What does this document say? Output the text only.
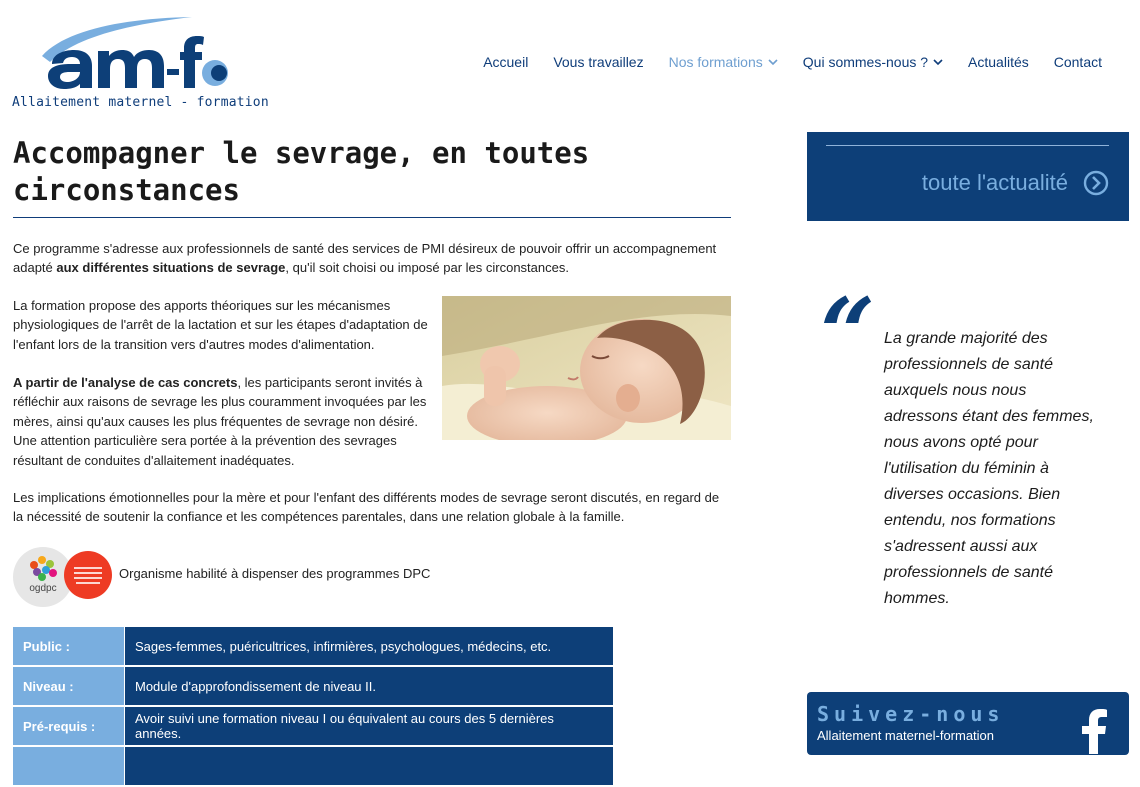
Allaitement maternel - formation
Accueil Vous travaillez Nos formations	Qui sommes-nous ?	Actualités Contact
Accompagner le sevrage, en toutes circonstances

Ce programme s'adresse aux professionnels de santé des services de PMI désireux de pouvoir offrir un accompagnement adapté aux différentes situations de sevrage, qu'il soit choisi ou imposé par les circonstances.

La formation propose des apports théoriques sur les mécanismes physiologiques de l'arrêt de la lactation et sur les étapes d'adaptation de l'enfant lors de la transition vers d'autres modes d'alimentation.

A partir de l'analyse de cas concrets, les participants seront invités à réfléchir aux raisons de sevrage les plus couramment invoquées par les mères, ainsi qu'aux causes les plus fréquentes de sevrage non désiré. Une attention particulière sera portée à la prévention des sevrages résultant de conduites d'allaitement inadéquates.

Les implications émotionnelles pour la mère et pour l'enfant des différents modes de sevrage seront discutés, en regard de la nécessité de soutenir la confiance et les compétences parentales, dans une relation globale à la famille.

ogdpc
Organisme habilité à dispenser des programmes DPC
Public :	Sages-femmes, puéricultrices, infirmières, psychologues, médecins, etc.
Niveau :	Module d'approfondissement de niveau II.
Pré-requis :	Avoir suivi une formation niveau I ou équivalent au cours des 5 dernières années.

toute l'actualité
“ La grande majorité des professionnels de santé auxquels nous nous adressons étant des femmes, nous avons opté pour l'utilisation du féminin à diverses occasions. Bien entendu, nos formations s'adressent aussi aux professionnels de santé hommes.

Suivez-nous
Allaitement maternel-formation
